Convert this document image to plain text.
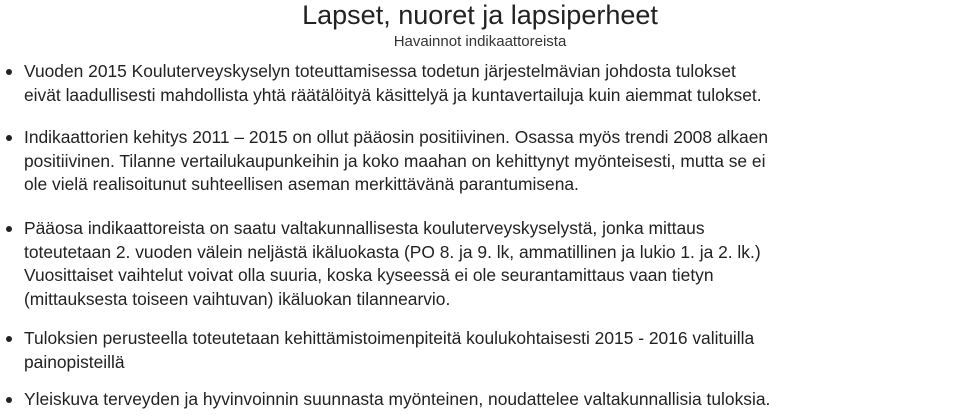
Lapset, nuoret ja lapsiperheet
Havainnot indikaattoreista
Vuoden 2015 Kouluterveyskyselyn toteuttamisessa todetun järjestelmävian johdosta tulokset
eivät laadullisesti mahdollista yhtä räätälöityä käsittelyä ja kuntavertailuja kuin aiemmat tulokset.
Indikaattorien kehitys 2011 – 2015 on ollut pääosin positiivinen. Osassa myös trendi 2008 alkaen
positiivinen. Tilanne vertailukaupunkeihin ja koko maahan on kehittynyt myönteisesti, mutta se ei
ole vielä realisoitunut suhteellisen aseman merkittävänä parantumisena.
Pääosa indikaattoreista on saatu valtakunnallisesta kouluterveyskyselystä, jonka mittaus
toteutetaan 2. vuoden välein neljästä ikäluokasta (PO 8. ja 9. lk, ammatillinen ja lukio 1. ja 2. lk.)
Vuosittaiset vaihtelut voivat olla suuria, koska kyseessä ei ole seurantamittaus vaan tietyn
(mittauksesta toiseen vaihtuvan) ikäluokan tilannearvio.
Tuloksien perusteella toteutetaan kehittämistoimenpiteitä koulukohtaisesti 2015 - 2016 valituilla
painopisteillä
Yleiskuva terveyden ja hyvinvoinnin suunnasta myönteinen, noudattelee valtakunnallisia tuloksia.
